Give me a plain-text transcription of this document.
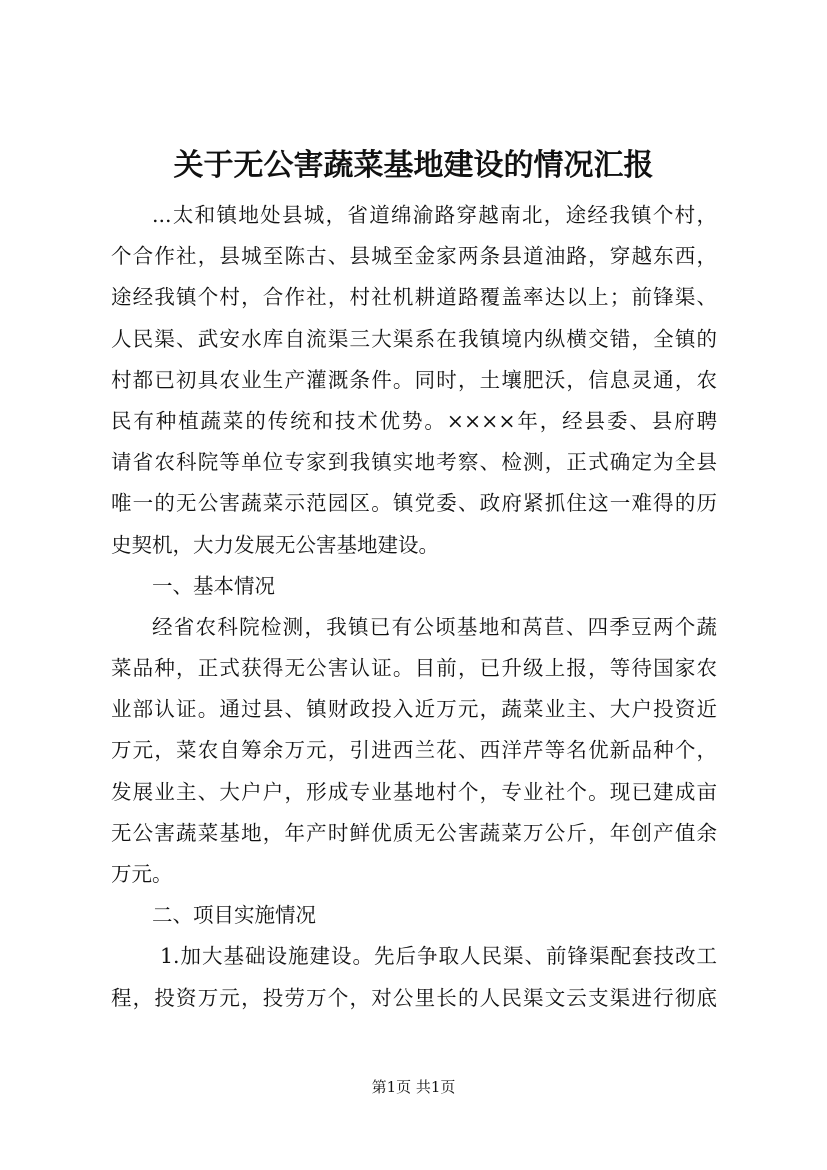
关于无公害蔬菜基地建设的情况汇报
...太和镇地处县城，省道绵渝路穿越南北，途经我镇个村，
个合作社，县城至陈古、县城至金家两条县道油路，穿越东西，
途经我镇个村，合作社，村社机耕道路覆盖率达以上；前锋渠、
人民渠、武安水库自流渠三大渠系在我镇境内纵横交错，全镇的
村都已初具农业生产灌溉条件。同时，土壤肥沃，信息灵通，农
民有种植蔬菜的传统和技术优势。××××年，经县委、县府聘
请省农科院等单位专家到我镇实地考察、检测，正式确定为全县
唯一的无公害蔬菜示范园区。镇党委、政府紧抓住这一难得的历
史契机，大力发展无公害基地建设。
一、基本情况
经省农科院检测，我镇已有公顷基地和莴苣、四季豆两个蔬
菜品种，正式获得无公害认证。目前，已升级上报，等待国家农
业部认证。通过县、镇财政投入近万元，蔬菜业主、大户投资近
万元，菜农自筹余万元，引进西兰花、西洋芹等名优新品种个，
发展业主、大户户，形成专业基地村个，专业社个。现已建成亩
无公害蔬菜基地，年产时鲜优质无公害蔬菜万公斤，年创产值余
万元。
二、项目实施情况
1.加大基础设施建设。先后争取人民渠、前锋渠配套技改工
程，投资万元，投劳万个，对公里长的人民渠文云支渠进行彻底
第1页 共1页
